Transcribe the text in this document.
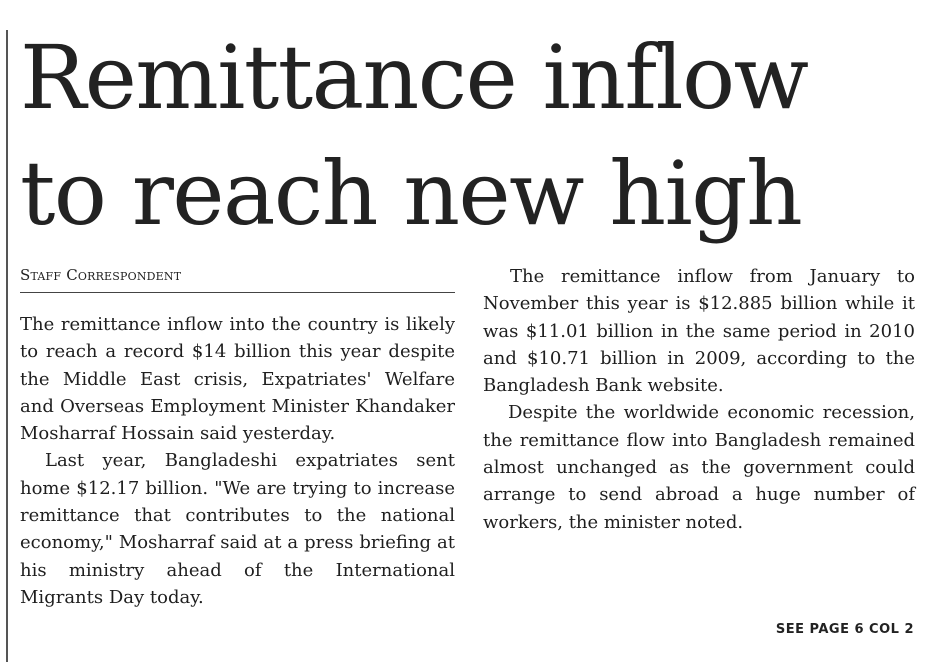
Remittance inflow
to reach new high
Staff Correspondent

The remittance inflow into the country is likely to reach a record $14 billion this year despite the Middle East crisis, Expatriates' Welfare and Overseas Employment Minister Khandaker Mosharraf Hossain said yesterday.

Last year, Bangladeshi expatriates sent home $12.17 billion. "We are trying to increase remittance that contributes to the national economy," Mosharraf said at a press briefing at his ministry ahead of the International Migrants Day today.

The remittance inflow from January to November this year is $12.885 billion while it was $11.01 billion in the same period in 2010 and $10.71 billion in 2009, according to the Bangladesh Bank website.

Despite the worldwide economic recession, the remittance flow into Bangladesh remained almost unchanged as the government could arrange to send abroad a huge number of workers, the minister noted.

SEE PAGE 6 COL 2
